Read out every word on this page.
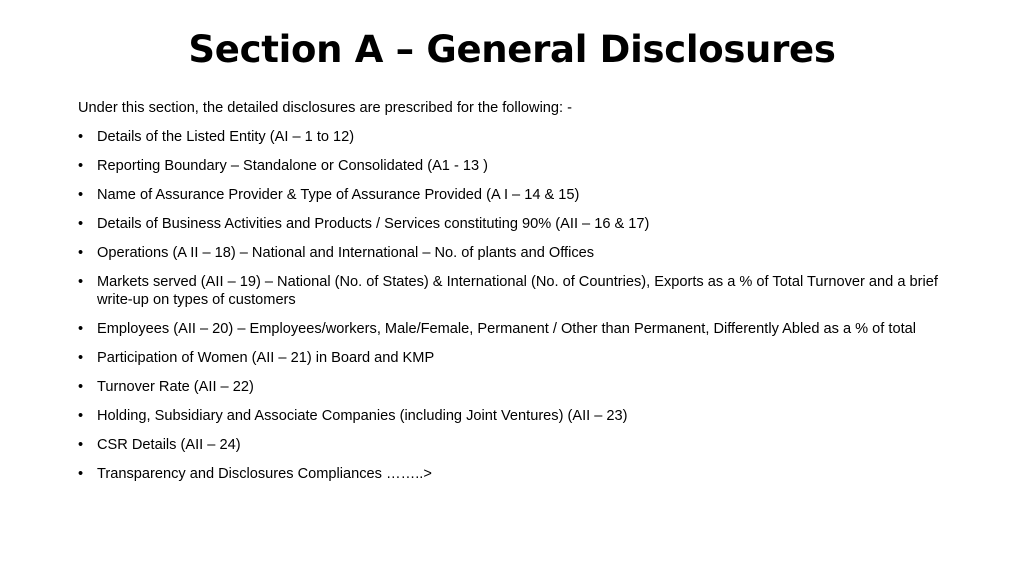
Section A – General Disclosures

Under this section, the detailed disclosures are prescribed for the following: -

• Details of the Listed Entity (AI – 1 to 12)
• Reporting Boundary – Standalone or Consolidated (A1 - 13 )
• Name of Assurance Provider & Type of Assurance Provided (A I – 14 & 15)
• Details of Business Activities and Products / Services constituting 90% (AII – 16 & 17)
• Operations (A II – 18) – National and International – No. of plants and Offices
• Markets served (AII – 19) – National (No. of States) & International (No. of Countries), Exports as a % of Total Turnover and a brief write-up on types of customers
• Employees (AII – 20) – Employees/workers, Male/Female, Permanent / Other than Permanent, Differently Abled as a % of total
• Participation of Women (AII – 21) in Board and KMP
• Turnover Rate (AII – 22)
• Holding, Subsidiary and Associate Companies (including Joint Ventures) (AII – 23)
• CSR Details (AII – 24)
• Transparency and Disclosures Compliances ……..>
